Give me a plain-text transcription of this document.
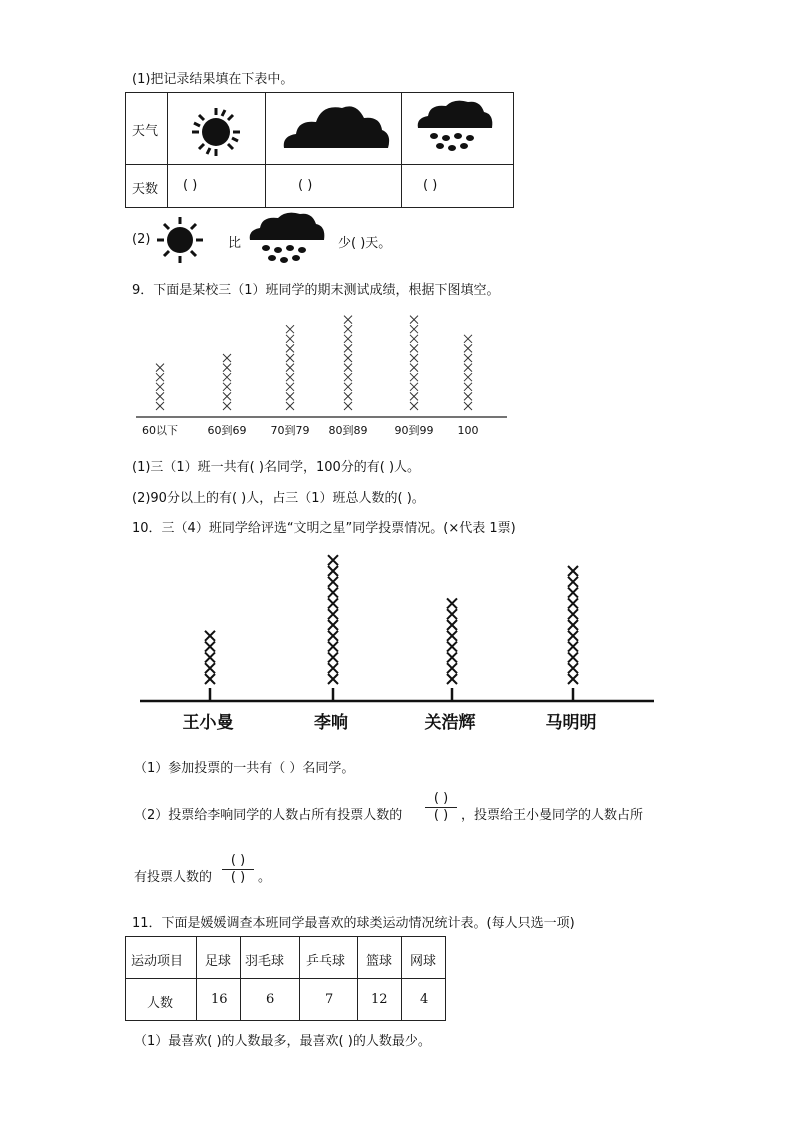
(1)把记录结果填在下表中。
天气
天数 ( )	( )	( )
(2)	比	少( )天。
9．下面是某校三（1）班同学的期末测试成绩，根据下图填空。
60以下	60到69 70到79 80到89 90到99 100
(1)三（1）班一共有( )名同学，100分的有( )人。
(2)90分以上的有( )人，占三（1）班总人数的( )。
10．三（4）班同学给评选“文明之星”同学投票情况。(×代表 1票)
王小曼	李响	关浩辉	马明明
（1）参加投票的一共有（ ）名同学。
（2）投票给李响同学的人数占所有投票人数的
( )
( ) ，投票给王小曼同学的人数占所
有投票人数的
( )
( ) 。
11．下面是媛媛调查本班同学最喜欢的球类运动情况统计表。(每人只选一项)
运动项目 足球 羽毛球 乒乓球 篮球 网球
人数	16	6	7	12 4
（1）最喜欢( )的人数最多，最喜欢( )的人数最少。
